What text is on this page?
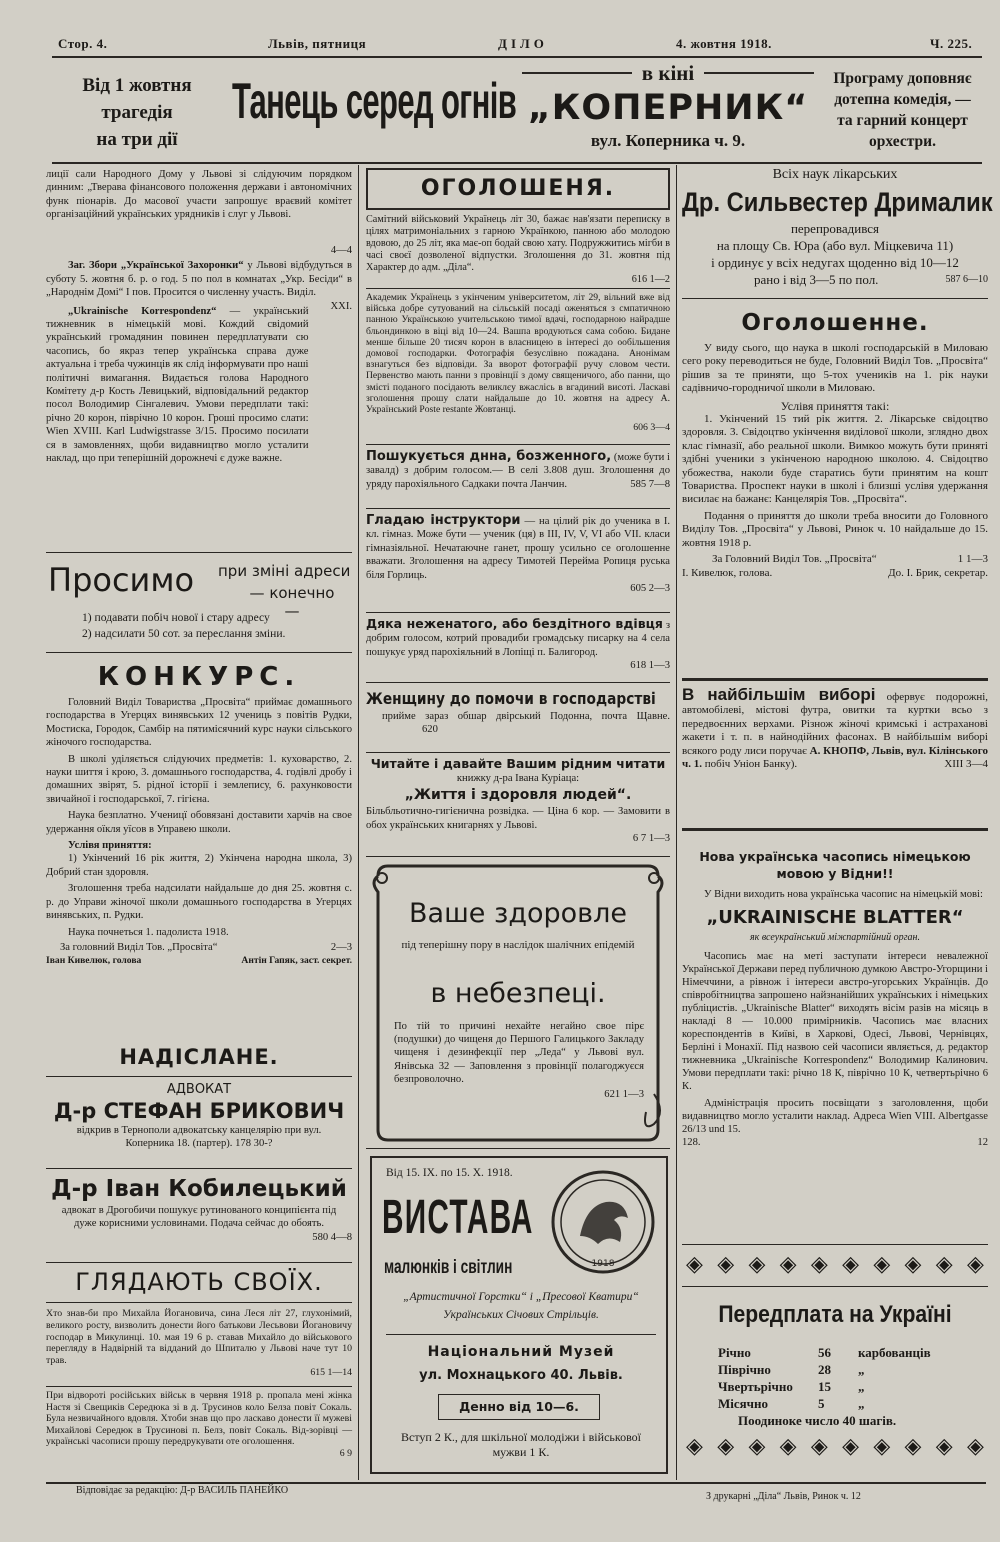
Стор. 4.	Львів, пятниця	ДІЛО	4. жовтня 1918.	Ч. 225.
Від 1 жовтня
трагедія
на три дії
Танець серед огнів	в кіні
„КОПЕРНИК“
вул. Коперника ч. 9.
Програму доповняє
дотепна комедія, —
та гарний концерт
орхестри.
лиції сали Народного Дому у Львові зі слідуючим порядком динним: „Тверава фінансового положення держави і автономічних функ піонарів. До масової участи запрошує враєвий комітет організаційний українських урядників і слуг у Львові.
4—4
Заг. Збори „Української Захоронки“ у Львові відбудуться в суботу 5. жовтня б. р. о год. 5 по пол в комнатах „Укр. Бесіди“ в „Народнім Домі“ І пов. Просится о численну участь. Виділ.
XXI.
„Ukrainische Korrespondenz“ — український тижневник в німецькій мові. Кождий свідомий український громадянин повинен передплатувати сю часопись, бо якраз тепер українська справа дуже актуальна і треба чужинців як слід інформувати про наші політичні вимагання. Видається голова Народного Комітету д-р Кость Левицький, відповідальний редактор посол Володимир Сінгалевич. Умови передплати такі: річно 20 корон, піврічно 10 корон. Гроші просимо слати: Wien XVIII. Karl Ludwigstrasse 3/15. Просимо посилати ся в замовленнях, щоби видавництво могло усталити наклад, що при теперішній дорожнечі є дуже важне.
Просимо при зміні адреси
— конечно —
1) подавати побіч нової і стару адресу
2) надсилати 50 сот. за переслання зміни.
КОНКУРС.
Головний Виділ Товариства „Просвіта“ приймає домашнього господарства в Угерцях винявських 12 учениць з повітів Рудки, Мостиска, Городок, Самбір на пятимісячний курс науки сільського жіночого господарства.
В школі уділяється слідуючих предметів: 1. куховарство, 2. науки шиття і крою, 3. домашнього господарства, 4. годівлі дробу і домашних звірят, 5. рідної історії і землепису, 6. рахунковости звичайної і господарської, 7. гігієна.
Наука безплатно. Ученицї обовязані доставити харчів на свое удержання оїкля уїсов в Управею школи.
Услівя приняття:
1) Укінчений 16 рік життя, 2) Укінчена народна школа, 3) Добрий стан здоровля.
Зголошення треба надсилати найдальше до дня 25. жовтня с. р. до Управи жіночої школи домашнього господарства в Угерцях винявських, п. Рудки.
Наука почнеться 1. падолиста 1918.
За головний Виділ Тов. „Просвіта“	2—3
Іван Кивелюк, голова	Антін Гапяк, заст. секрет.
НАДІСЛАНЕ.
АДВОКАТ
Д-р СТЕФАН БРИКОВИЧ
відкрив в Тернополи адвокатську канцелярію при вул. Коперника 18. (партер). 178 30-?
Д-р Іван Кобилецький
адвокат в Дрогобичи пошукує рутинованого конципієнта під дуже корисними условинами. Подача сейчас до обоять.
580 4—8
ГЛЯДАЮТЬ СВОЇХ.
Хто знав-би про Михайла Йогановича, сина Леся літ 27, глухонімий, великого росту, визволить донести його батькови Лесьвови Йогановичу господар в Микулинці. 10. мая 19 6 р. ставав Михайло до військового перегляду в Надвірній та відданий до Шпиталю у Львові наче тут 10 трав.
615 1—14
При відвороті російських військ в червня 1918 р. пропала мені жінка Настя зі Свещиків Середюка зі в д. Трусинов коло Белза повіт Сокаль. Була незвичайного вдовля. Хтоби знав що про ласкаво донести її мужеві Михайлові Середюк в Трусинові п. Белз, повіт Сокаль. Від-зорівці — українські часописи прошу передрукувати оте оголошення.
6 9
ОГОЛОШЕНЯ.
Самітний військовий Українець літ 30, бажає нав'язати переписку в цілях матримоніальних з гарною Українкою, панною або молодою вдовою, до 25 літ, яка має-оп бодай свою хату. Подружжитись мігби в часі своєї дозволеної відпустки. Зголошення до 31. жовтня під Характер до адм. „Діла“.
616 1—2
Академик Українець з укінченим університетом, літ 29, вільний вже від війська добре сутуований на сільській посаді оженяться з смпатичною панною Українською учительською тимої вдачі, господарною найрадше бльондинкою в віці від 10—24. Вашпа вродуються сама собою. Бидане менше більше 20 тисяч корон в власницею в інтересі до ообільшения домової господарки. Фотографія безуслівно пожадана. Анонімам взнагуться без відповіди. За вворот фотографії ручу словом чести. Первенство мають панни з провінції з дому священичого, або панни, що змісті поданого посідають великлєу вжаслісь в вгадиний висоті. Ласкаві зголошення прошу слати найдальше до 10. жовтня на адресу А. Український Poste restante Жовтанці.
606 3—4
Пошукується днна, бозженного, (може бути і завалд) з добрим голосом.— В селі 3.808 душ. Зголошення до уряду парохіяльного Садкаки почта Ланчин.	585 7—8
Гладаю інструктори — на цілий рік до ученика в І. кл. гімназ. Може бути — ученик (ця) в ІІІ, IV, V, VI або VII. класи гімназіяльної. Нечатаючне ганет, прошу усильно се оголошенне вважати. Зголошення на адресу Тимотей Перейма Ропиця руська біля Горлиць.
605 2—3
Дяка неженатого, або бездітного вдівця з добрим голосом, котрий провадиби громадську писарку на 4 села пошукує уряд парохіяльний в Лопіщі п. Балигород.
618 1—3
Женщину до помочи в господарстві
прийме зараз обшар двірський Подонна, почта Щавне. 620
Читайте і давайте Вашим рідним читати
книжку д-ра Івана Куріаца:
„Життя і здоровля людей“.
Більбльотично-гигієнична розвідка. — Ціна 6 кор. — Замовити в обох українських книгарнях у Львові.
6 7 1—3
Ваше здоровле
під теперішну пору в наслідок шалічних епідемій
в небезпеці.
По тій то причині нехайте негайно свое пірє (подушки) до чищеня до Першого Галицького Закладу чищеня і дезинфекції пер „Леда“ у Львові вул. Янівська 32 — Заповлення з провінції полагоджуєся безпроволочно.
621 1—3
Від 15. IX. по 15. X. 1918.
ВИСТАВА
малюнків і світлин	1918
„Артистичної Горстки“ і „Пресової Кватири“ Українських Січових Стрільців.
Національний Музей
ул. Мохнацького 40. Львів.
Денно від 10—6.
Вступ 2 К., для шкільної молодіжи і військової мужви 1 К.
Всіх наук лікарських
Др. Сильвестер Дрималик
перепровадився
на площу Св. Юра (або вул. Міцкевича 11)
і ординує у всіх недугах щоденно від 10—12
рано і від 3—5 по пол.	587 6—10
Оголошенне.
У виду сього, що наука в школі господарській в Миловаю сего року переводиться не буде, Головний Виділ Тов. „Просвіта“ рішив за те приняти, що 5-тох учеників на 1. рік науки садівничо-городничої школи в Миловаю.
Услівя приняття такі:
1. Укінчений 15 тий рік життя. 2. Лікарське свідоцтво здоровля. 3. Свідоцтво укінчення виділової школи, згляднo двох клас гімназії, або реальної школи. Вимкоо можуть бути приняті здібні ученики з укінченою народною школою. 4. Свідоцтво убожества, наколи буде старатись бути принятим на кошт Товариства. Проспект науки в школі і близші услівя удержання висилає на бажанє: Канцелярія Тов. „Просвіта“.
Подання о приняття до школи треба вносити до Головного Виділу Тов. „Просвіта“ у Львові, Ринок ч. 10 найдальше до 15. жовтня 1918 р.
За Головний Виділ Тов. „Просвіта“	1 1—3
І. Кивелюк, голова.	До. І. Брик, секретар.
В найбільшім виборі офервує подорожні, автомобілеві, містові футра, овитки та куртки всьо з передвоєнних верхами. Різнож жіночі кримські і астраханові жакети і т. п. в найнодійних фасонах. В найбільшім виборі всякого роду лиси поручає А. КНОПФ, Львів, вул. Кілінського ч. 1. побіч Уніон Банку).	XIII 3—4
Нова українська часопись німецькою мовою у Відни!!
У Відни виходить нова українська часопис на німецькій мові:
„UKRAINISCHE BLATTER“
як всеукраїнський міжпартійний орган.
Часопись має на меті заступати інтереси невалежної Української Держави перед публичною думкою Австро-Угорщини і Німеччини, а рівнож і інтереси австро-угорських Українців. До співробітництва запрошено найзнанійших українських і німецьких публіцистів. „Ukrainische Blatter“ виходять вісім разів на місяць в накладі 8 — 10.000 примірників. Часопись має власних кореспондентів в Київі, в Харкові, Одесі, Львові, Чернівцях, Берліні і Монахії. Під назвою сей часописи являється, д. редактор тижневника „Ukrainische Korrespondenz“ Володимир Калинович. Умови передплати такі: річно 18 К, піврічно 10 К, четвертьрічно 6 К.
Адміністрація просить посвіщати з заголовлення, щоби видавництво могло усталити наклад. Адреса Wien VIII. Albertgasse 26/13 und 15.
128.	12
◈ ◈ ◈ ◈ ◈ ◈ ◈ ◈ ◈ ◈
Передплата на Україні
Річно	56	карбованців
Піврічно	28	„
Чвертьрічно	15	„
Місячно	5	„
Поодиноке число 40 шагів.
◈ ◈ ◈ ◈ ◈ ◈ ◈ ◈ ◈ ◈
Відповідає за редакцію: Д-р ВАСИЛЬ ПАНЕЙКО
З друкарні „Діла“ Львів, Ринок ч. 12
